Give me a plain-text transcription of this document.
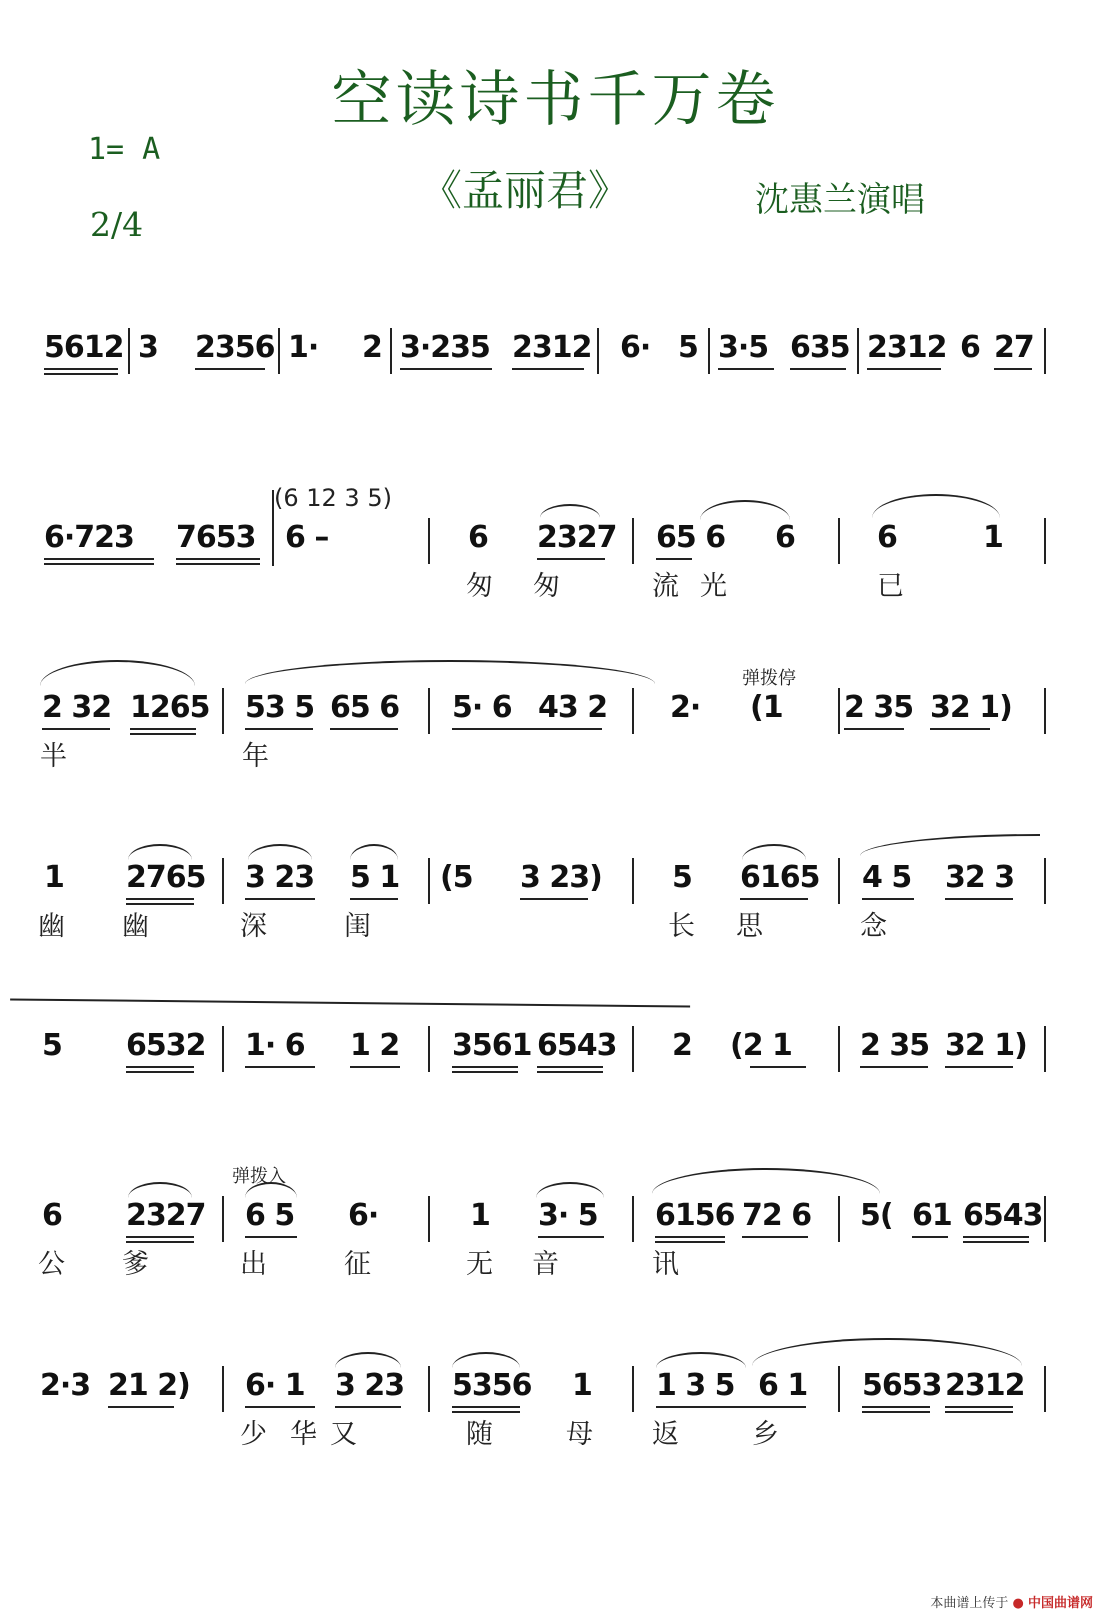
空读诗书千万卷
1= A
2/4
《孟丽君》	沈惠兰演唱
5612 3 2356 1· 2 3·235 2312 6· 5 3·5 635 2312 6 27
(6 12 3 5)
6·723 7653 6 –	6 2327 65 6 6	6	1
匆 匆	流 光	已
弹拨停
2 32 1265 53 5 65 6 5· 6 43 2 2· (1 2 35 32 1)
半	年
1 2765 3 23 5 1 (5 3 23) 5 6165 4 5 32 3
幽 幽	深	闺	长 思	念
5 6532 1· 6 1 2 3561 6543 2 (2 1 2 35 32 1)
弹拨入
6 2327 6 5 6·	1 3· 5 6156 72 6 5( 61 6543
公 爹	出	征	无 音	讯
2·3 21 2) 6· 1 3 23 5356 1 1 3 5 6 1 5653 2312
少 华 又	随	母 返	乡
本曲谱上传于 ● 中国曲谱网
